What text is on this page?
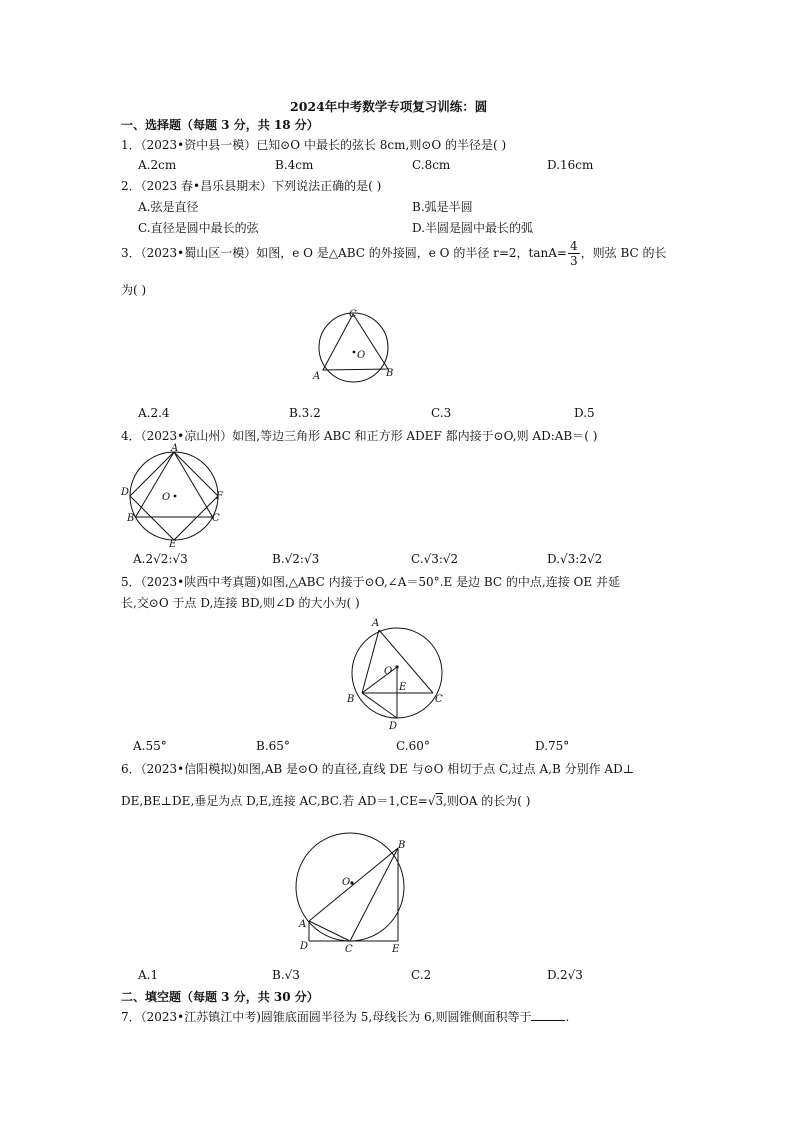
2024年中考数学专项复习训练：圆
一、选择题（每题 3 分，共 18 分）
1．（2023•资中县一模）已知⊙O 中最长的弦长 8cm,则⊙O 的半径是( )
A.2cm	B.4cm	C.8cm	D.16cm
2．（2023 春•昌乐县期末）下列说法正确的是( )
A.弦是直径	B.弧是半圆
C.直径是圆中最长的弦	D.半圆是圆中最长的弧
3．（2023•蜀山区一模）如图，e O 是△ABC 的外接圆，e O 的半径 r=2，$\tan A= \frac{4}{3}$ ，则弦 BC 的长
为( )
C
O
A	B
A.2.4	B.3.2	C.3	D.5
4．（2023•凉山州）如图,等边三角形 ABC 和正方形 ADEF 都内接于⊙O,则 AD:AB＝( )
A
D	O	F
B	C
E
A.2√2:√3	B.√2:√3	C.√3:√2	D.√3:2√2
5．（2023•陕西中考真题)如图,△ABC 内接于⊙O,∠A＝50°.E 是边 BC 的中点,连接 OE 并延
长,交⊙O 于点 D,连接 BD,则∠D 的大小为( )
A
O
E
B	C
D
A.55°	B.65°	C.60°	D.75°
6．（2023•信阳模拟)如图,AB 是⊙O 的直径,直线 DE 与⊙O 相切于点 C,过点 A,B 分别作 AD⊥
DE,BE⊥DE,垂足为点 D,E,连接 AC,BC.若 AD＝1,CE=√3,则OA 的长为( )
B
O
A
D	C	E
A.1	B.√3	C.2	D.2√3
二、填空题（每题 3 分，共 30 分）
7．（2023•江苏镇江中考)圆锥底面圆半径为 5,母线长为 6,则圆锥侧面积等于	.
